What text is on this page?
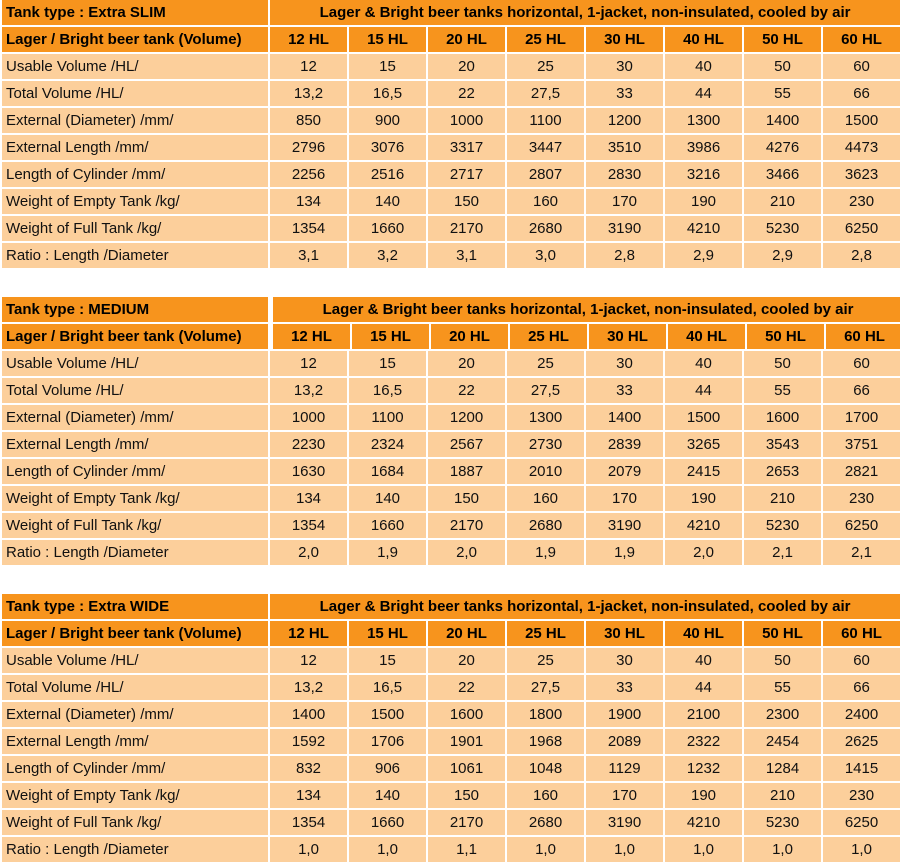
Tank type : Extra SLIM	Lager & Bright beer tanks horizontal, 1-jacket, non-insulated, cooled by air							
Lager / Bright beer tank (Volume)	12 HL	15 HL	20 HL	25 HL	30 HL	40 HL	50 HL	60 HL
Usable Volume /HL/	12	15	20	25	30	40	50	60
Total Volume /HL/	13,2	16,5	22	27,5	33	44	55	66
External (Diameter) /mm/	850	900	1000	1100	1200	1300	1400	1500
External Length /mm/	2796	3076	3317	3447	3510	3986	4276	4473
Length of Cylinder /mm/	2256	2516	2717	2807	2830	3216	3466	3623
Weight of Empty Tank /kg/	134	140	150	160	170	190	210	230
Weight of Full Tank /kg/	1354	1660	2170	2680	3190	4210	5230	6250
Ratio : Length /Diameter	3,1	3,2	3,1	3,0	2,8	2,9	2,9	2,8
Tank type : MEDIUM	Lager & Bright beer tanks horizontal, 1-jacket, non-insulated, cooled by air
Lager / Bright beer tank (Volume)	12 HL	15 HL	20 HL	25 HL	30 HL	40 HL	50 HL	60 HL
Usable Volume /HL/	12	15	20	25	30	40	50	60
Total Volume /HL/	13,2	16,5	22	27,5	33	44	55	66
External (Diameter) /mm/	1000	1100	1200	1300	1400	1500	1600	1700
External Length /mm/	2230	2324	2567	2730	2839	3265	3543	3751
Length of Cylinder /mm/	1630	1684	1887	2010	2079	2415	2653	2821
Weight of Empty Tank /kg/	134	140	150	160	170	190	210	230
Weight of Full Tank /kg/	1354	1660	2170	2680	3190	4210	5230	6250
Ratio : Length /Diameter	2,0	1,9	2,0	1,9	1,9	2,0	2,1	2,1
Tank type : Extra WIDE	Lager & Bright beer tanks horizontal, 1-jacket, non-insulated, cooled by air							
Lager / Bright beer tank (Volume)	12 HL	15 HL	20 HL	25 HL	30 HL	40 HL	50 HL	60 HL
Usable Volume /HL/	12	15	20	25	30	40	50	60
Total Volume /HL/	13,2	16,5	22	27,5	33	44	55	66
External (Diameter) /mm/	1400	1500	1600	1800	1900	2100	2300	2400
External Length /mm/	1592	1706	1901	1968	2089	2322	2454	2625
Length of Cylinder /mm/	832	906	1061	1048	1129	1232	1284	1415
Weight of Empty Tank /kg/	134	140	150	160	170	190	210	230
Weight of Full Tank /kg/	1354	1660	2170	2680	3190	4210	5230	6250
Ratio : Length /Diameter	1,0	1,0	1,1	1,0	1,0	1,0	1,0	1,0
